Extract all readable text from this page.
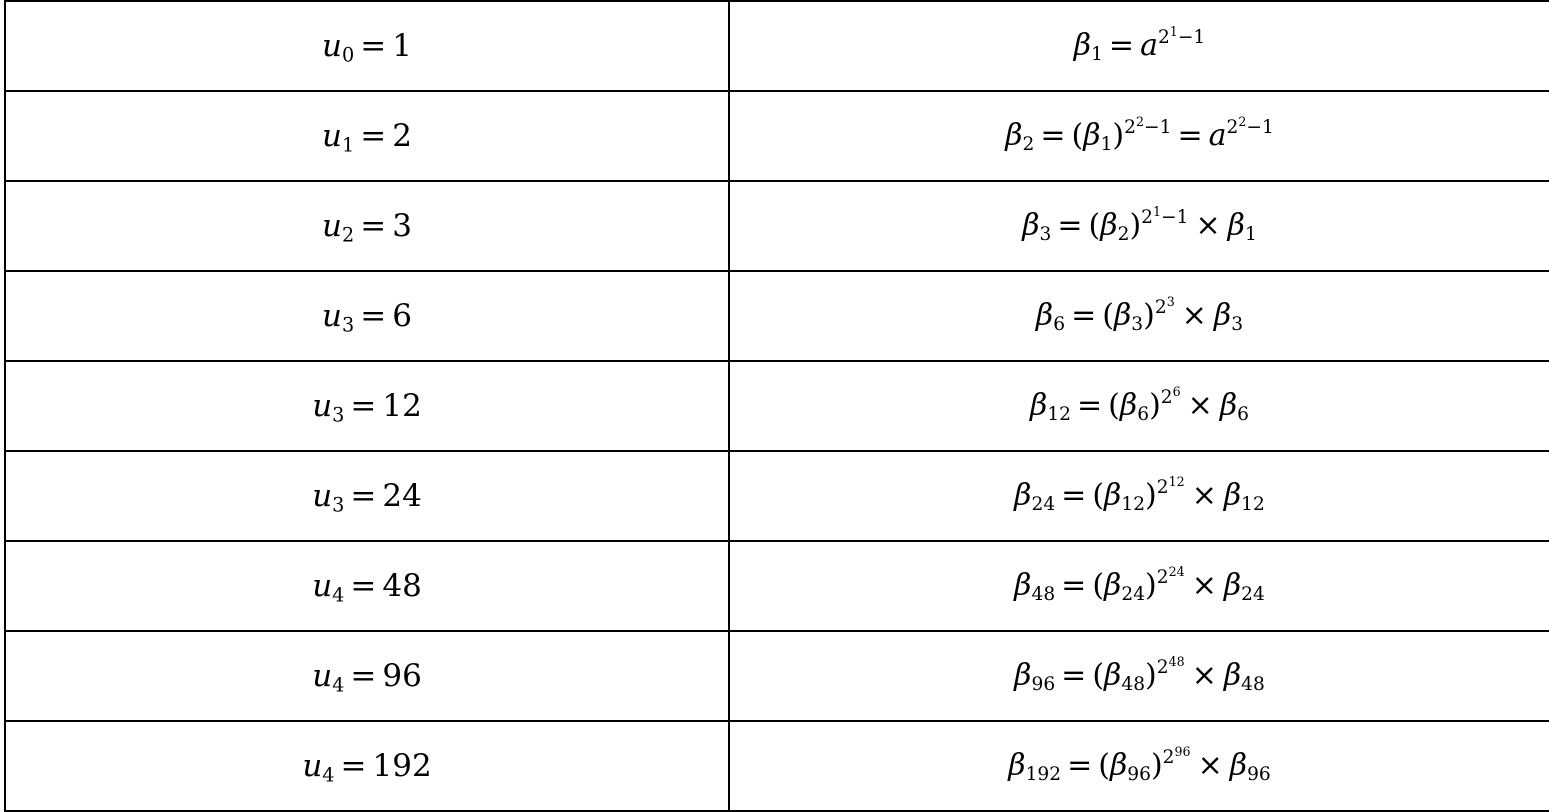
$u_0 = 1$	$\beta_1 = a^{2^1-1}$
$u_1 = 2$	$\beta_2 = (\beta_1)^{2^2-1} = a^{2^2-1}$
$u_2 = 3$	$\beta_3 = (\beta_2)^{2^1-1} \times \beta_1$
$u_3 = 6$	$\beta_6 = (\beta_3)^{2^3} \times \beta_3$
$u_3 = 12$	$\beta_{12} = (\beta_6)^{2^6} \times \beta_6$
$u_3 = 24$	$\beta_{24} = (\beta_{12})^{2^{12}} \times \beta_{12}$
$u_4 = 48$	$\beta_{48} = (\beta_{24})^{2^{24}} \times \beta_{24}$
$u_4 = 96$	$\beta_{96} = (\beta_{48})^{2^{48}} \times \beta_{48}$
$u_4 = 192$	$\beta_{192} = (\beta_{96})^{2^{96}} \times \beta_{96}$
